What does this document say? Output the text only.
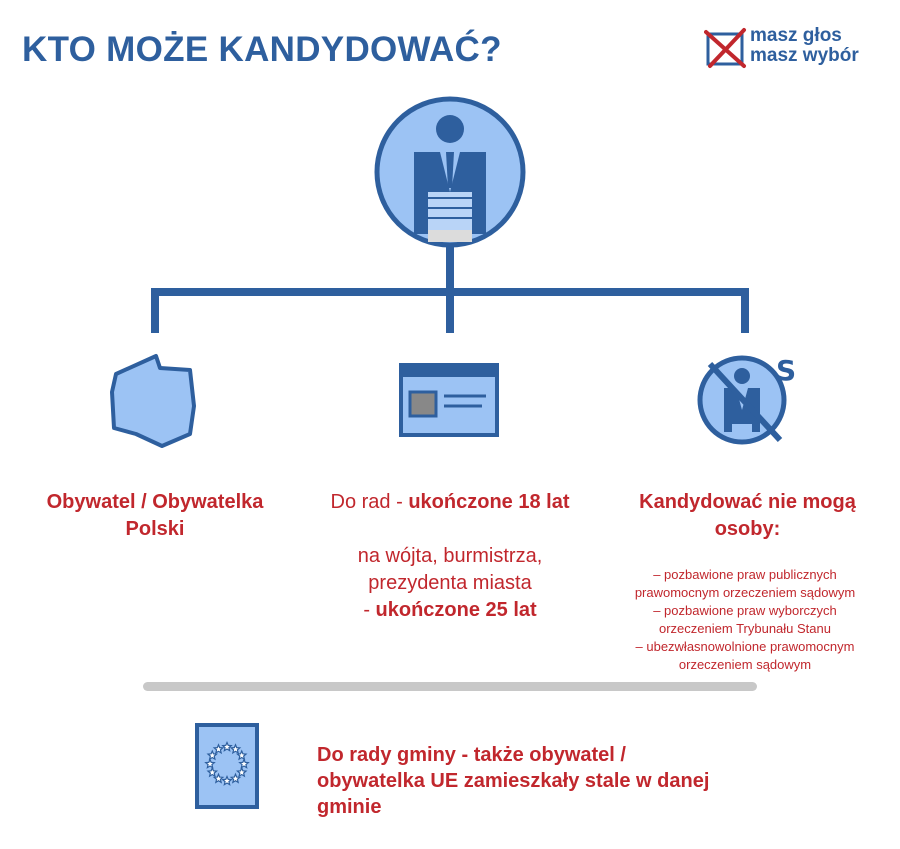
KTO MOŻE KANDYDOWAĆ?	masz głos
masz wybór
S
Obywatel / Obywatelka Polski
Do rad - ukończone 18 lat
na wójta, burmistrza,
prezydenta miasta
- ukończone 25 lat
Kandydować nie mogą osoby:
– pozbawione praw publicznych
prawomocnym orzeczeniem sądowym
– pozbawione praw wyborczych
orzeczeniem Trybunału Stanu
– ubezwłasnowolnione prawomocnym
orzeczeniem sądowym
Do rady gminy - także obywatel / obywatelka UE zamieszkały stale w danej gminie
